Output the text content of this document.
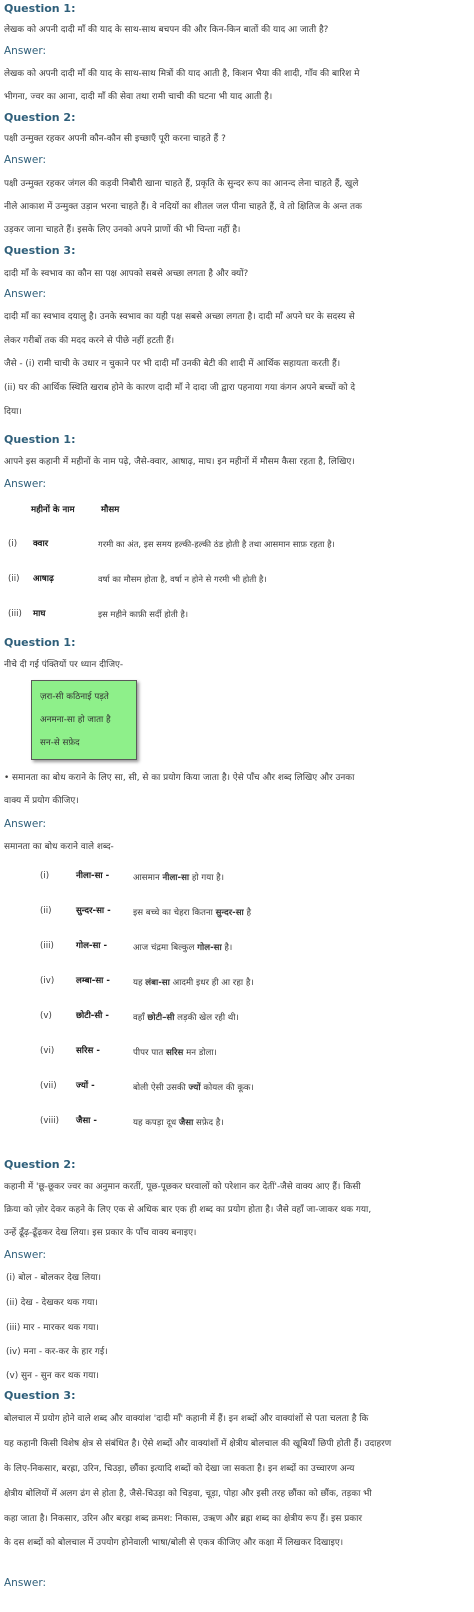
Question 1:
लेखक को अपनी दादी माँ की याद के साथ-साथ बचपन की और किन-किन बातों की याद आ जाती है?
Answer:
लेखक को अपनी दादी माँ की याद के साथ-साथ मित्रों की याद आती है, किशन भैया की शादी, गाँव की बारिश मे
भीगना, ज्वर का आना, दादी माँ की सेवा तथा रामी चाची की घटना भी याद आती है।
Question 2:
पक्षी उन्मुक्त रहकर अपनी कौन-कौन सी इच्छाएँ पूरी करना चाहते हैं ?
Answer:
पक्षी उन्मुक्त रहकर जंगल की कड़वी निबौरी खाना चाहते हैं, प्रकृति के सुन्दर रूप का आनन्द लेना चाहते हैं, खुले
नीले आकाश में उन्मुक्त उड़ान भरना चाहते हैं। वे नदियों का शीतल जल पीना चाहते हैं, वे तो क्षितिज के अन्त तक
उड़कर जाना चाहते हैं। इसके लिए उनको अपने प्राणों की भी चिन्ता नहीं है।
Question 3:
दादी माँ के स्वभाव का कौन सा पक्ष आपको सबसे अच्छा लगता है और क्यों?
Answer:
दादी माँ का स्वभाव दयालु है। उनके स्वभाव का यही पक्ष सबसे अच्छा लगता है। दादी माँ अपने घर के सदस्य से
लेकर गरीबों तक की मदद करने से पीछे नहीं हटती हैं।
जैसे - (i) रामी चाची के उधार न चुकाने पर भी दादी माँ उनकी बेटी की शादी में आर्थिक सहायता करती हैं।
(ii) घर की आर्थिक स्थिति खराब होने के कारण दादी माँ ने दादा जी द्वारा पहनाया गया कंगन अपने बच्चों को दे
दिया।
Question 1:
आपने इस कहानी में महीनों के नाम पढ़े, जैसे-क्वार, आषाढ़, माघ। इन महीनों में मौसम कैसा रहता है, लिखिए।
Answer:
महीनों के नाम	मौसम
(i) क्वार	गरमी का अंत, इस समय हल्की-हल्की ठंड होती है तथा आसमान साफ़ रहता है।
(ii) आषाढ़	वर्षा का मौसम होता है, वर्षा न होने से गरमी भी होती है।
(iii) माघ	इस महीने काफ़ी सर्दी होती है।
Question 1:
नीचे दी गई पंक्तियों पर ध्यान दीजिए-
ज़रा-सी कठिनाई पड़ते
अनमना-सा हो जाता है
सन-से सफ़ेद
• समानता का बोध कराने के लिए सा, सी, से का प्रयोग किया जाता है। ऐसे पाँच और शब्द लिखिए और उनका
वाक्य में प्रयोग कीजिए।
Answer:
समानता का बोध कराने वाले शब्द-
(i)	नीला-सा -	आसमान नीला-सा हो गया है।
(ii)	सुन्दर-सा -	इस बच्चे का चेहरा कितना सुन्दर-सा है
(iii)	गोल-सा -	आज चंद्रमा बिल्कुल गोल-सा है।
(iv)	लम्बा-सा -	यह लंबा-सा आदमी इधर ही आ रहा है।
(v)	छोटी-सी -	वहाँ छोटी–सी लड़की खेल रही थी।
(vi)	सरिस -	पीपर पात सरिस मन डोला।
(vii) ज्यों -	बोली ऐसी उसकी ज्यों कोयल की कूक।
(viii) जैसा -	यह कपड़ा दूध जैसा सफ़ेद है।
Question 2:
कहानी में 'छू-छूकर ज्वर का अनुमान करतीं, पूछ-पूछकर घरवालों को परेशान कर देतीं'-जैसे वाक्य आए हैं। किसी
क्रिया को ज़ोर देकर कहने के लिए एक से अधिक बार एक ही शब्द का प्रयोग होता है। जैसे वहाँ जा-जाकर थक गया,
उन्हें ढूँढ़-ढूँढ़कर देख लिया। इस प्रकार के पाँच वाक्य बनाइए।
Answer:
(i) बोल - बोलकर देख लिया।
(ii) देख - देखकर थक गया।
(iii) मार - मारकर थक गया।
(iv) मना - कर-कर के हार गई।
(v) सुन - सुन कर थक गया।
Question 3:
बोलचाल में प्रयोग होने वाले शब्द और वाक्यांश 'दादी माँ' कहानी में हैं। इन शब्दों और वाक्यांशों से पता चलता है कि
यह कहानी किसी विशेष क्षेत्र से संबंधित है। ऐसे शब्दों और वाक्यांशों में क्षेत्रीय बोलचाल की खूबियाँ छिपी होती हैं। उदाहरण
के लिए-निकसार, बरह्रा, उरिन, चिउड़ा, छौंका इत्यादि शब्दों को देखा जा सकता है। इन शब्दों का उच्चारण अन्य
क्षेत्रीय बोलियों में अलग ढंग से होता है, जैसे-चिउड़ा को चिड़वा, चूड़ा, पोहा और इसी तरह छौंका को छौंक, तड़का भी
कहा जाता है। निकसार, उरिन और बरह्रा शब्द क्रमश: निकास, उऋण और ब्रह्रा शब्द का क्षेत्रीय रूप हैं। इस प्रकार
के दस शब्दों को बोलचाल में उपयोग होनेवाली भाषा/बोली से एकत्र कीजिए और कक्षा में लिखकर दिखाइए।
Answer:
